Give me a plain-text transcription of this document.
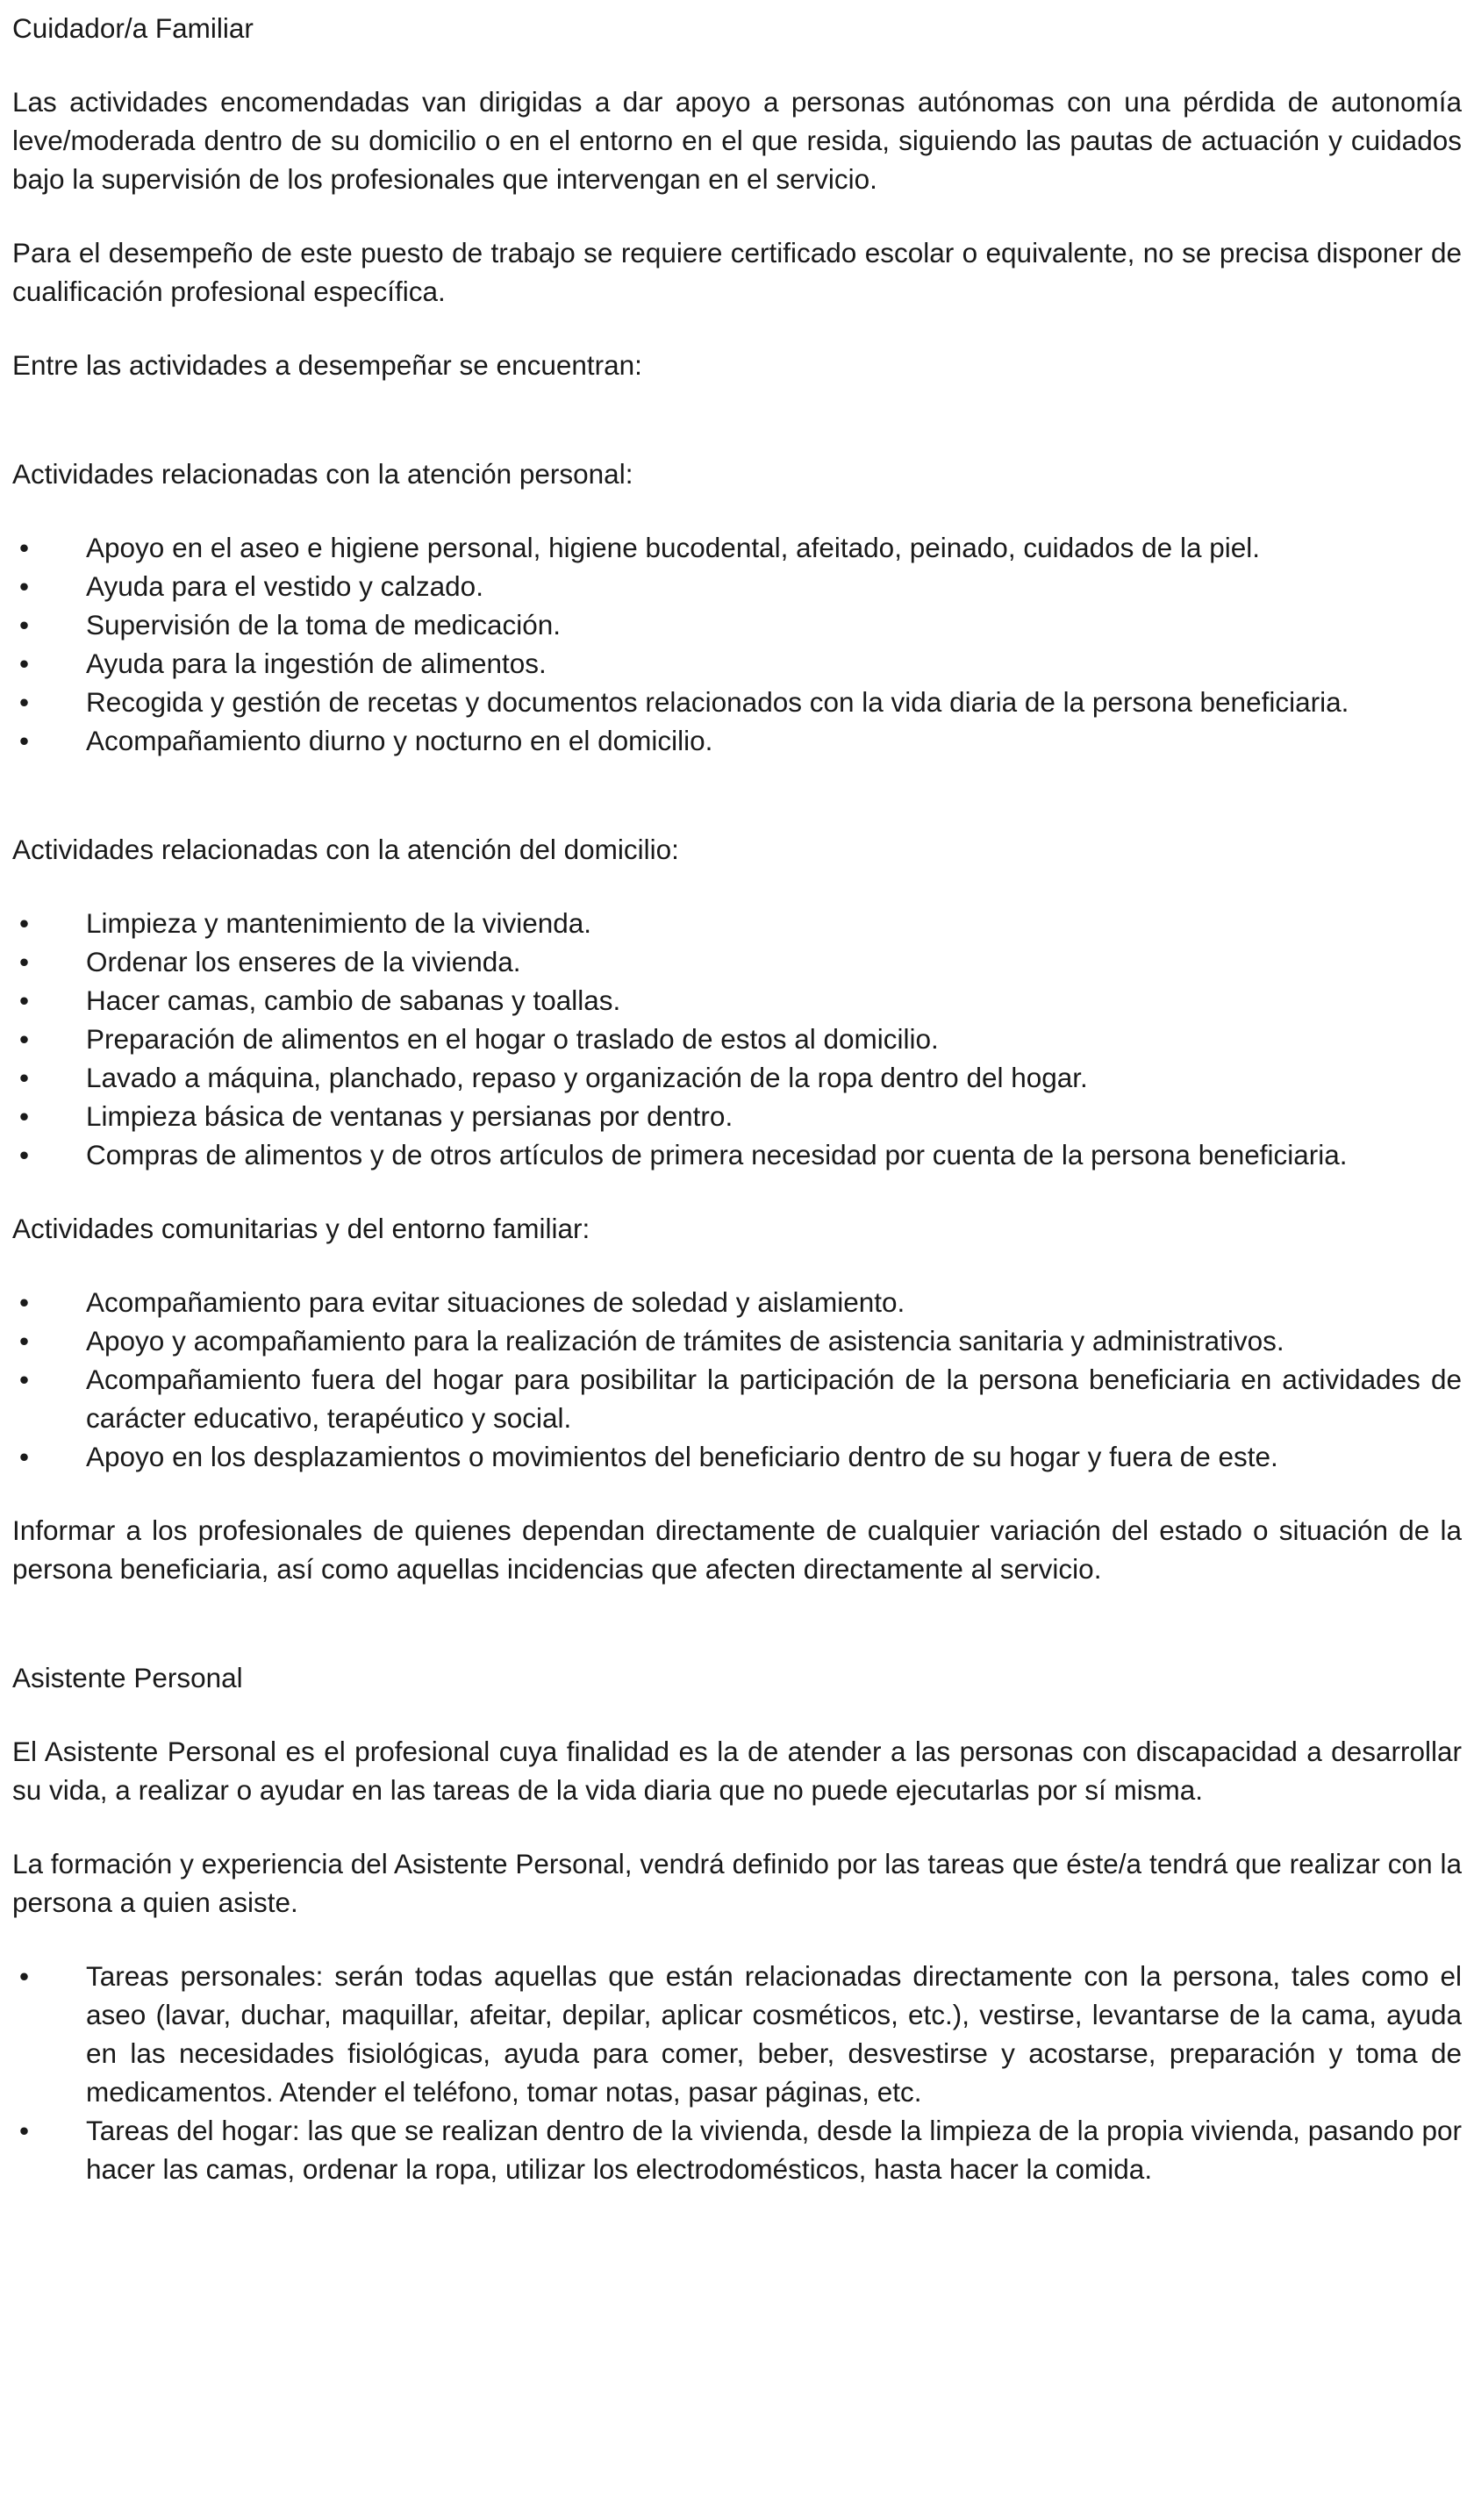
Cuidador/a Familiar

Las actividades encomendadas van dirigidas a dar apoyo a personas autónomas con una pérdida de autonomía leve/moderada dentro de su domicilio o en el entorno en el que resida, siguiendo las pautas de actuación y cuidados bajo la supervisión de los profesionales que intervengan en el servicio.

Para el desempeño de este puesto de trabajo se requiere certificado escolar o equivalente, no se precisa disponer de cualificación profesional específica.

Entre las actividades a desempeñar se encuentran:

Actividades relacionadas con la atención personal:

• Apoyo en el aseo e higiene personal, higiene bucodental, afeitado, peinado, cuidados de la piel.
• Ayuda para el vestido y calzado.
• Supervisión de la toma de medicación.
• Ayuda para la ingestión de alimentos.
• Recogida y gestión de recetas y documentos relacionados con la vida diaria de la persona beneficiaria.
• Acompañamiento diurno y nocturno en el domicilio.

Actividades relacionadas con la atención del domicilio:

• Limpieza y mantenimiento de la vivienda.
• Ordenar los enseres de la vivienda.
• Hacer camas, cambio de sabanas y toallas.
• Preparación de alimentos en el hogar o traslado de estos al domicilio.
• Lavado a máquina, planchado, repaso y organización de la ropa dentro del hogar.
• Limpieza básica de ventanas y persianas por dentro.
• Compras de alimentos y de otros artículos de primera necesidad por cuenta de la persona beneficiaria.

Actividades comunitarias y del entorno familiar:

• Acompañamiento para evitar situaciones de soledad y aislamiento.
• Apoyo y acompañamiento para la realización de trámites de asistencia sanitaria y administrativos.
• Acompañamiento fuera del hogar para posibilitar la participación de la persona beneficiaria en actividades de carácter educativo, terapéutico y social.
• Apoyo en los desplazamientos o movimientos del beneficiario dentro de su hogar y fuera de este.

Informar a los profesionales de quienes dependan directamente de cualquier variación del estado o situación de la persona beneficiaria, así como aquellas incidencias que afecten directamente al servicio.

Asistente Personal

El Asistente Personal es el profesional cuya finalidad es la de atender a las personas con discapacidad a desarrollar su vida, a realizar o ayudar en las tareas de la vida diaria que no puede ejecutarlas por sí misma.

La formación y experiencia del Asistente Personal, vendrá definido por las tareas que éste/a tendrá que realizar con la persona a quien asiste.

• Tareas personales: serán todas aquellas que están relacionadas directamente con la persona, tales como el aseo (lavar, duchar, maquillar, afeitar, depilar, aplicar cosméticos, etc.), vestirse, levantarse de la cama, ayuda en las necesidades fisiológicas, ayuda para comer, beber, desvestirse y acostarse, preparación y toma de medicamentos. Atender el teléfono, tomar notas, pasar páginas, etc.
• Tareas del hogar: las que se realizan dentro de la vivienda, desde la limpieza de la propia vivienda, pasando por hacer las camas, ordenar la ropa, utilizar los electrodomésticos, hasta hacer la comida.
